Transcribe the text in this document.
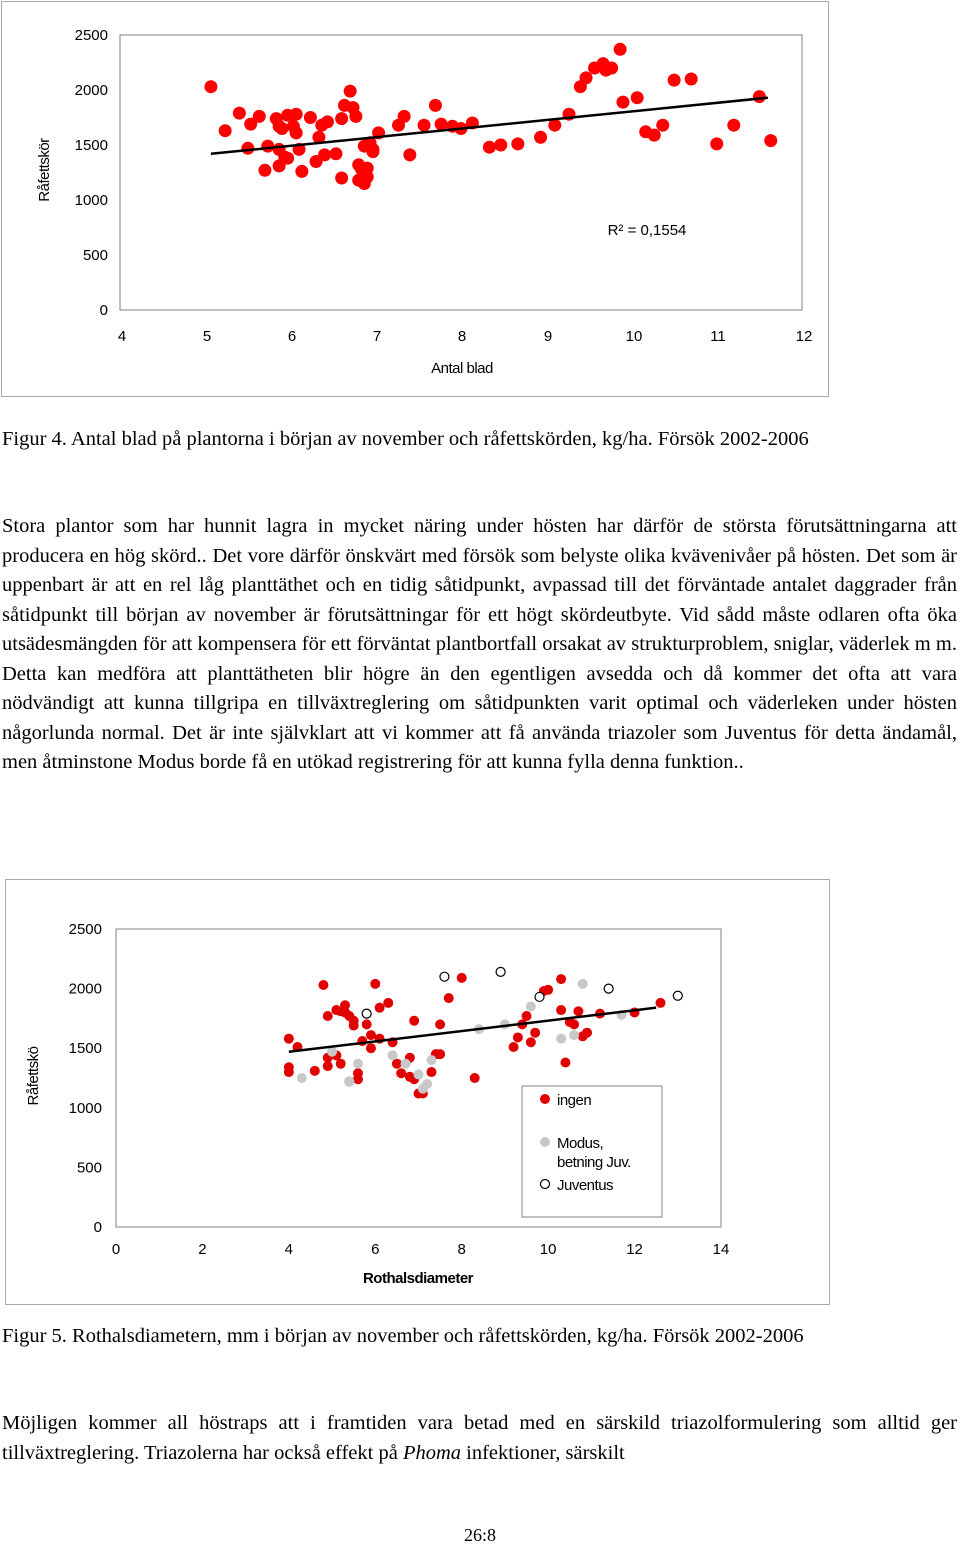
0
500
1000
1500
2000
2500
4	5	6	7	8	9	10	11	12
Antal blad
Råfettskör
R² = 0,1554

Figur 4. Antal blad på plantorna i början av november och råfettskörden, kg/ha. Försök 2002-2006

Stora plantor som har hunnit lagra in mycket näring under hösten har därför de största förutsättningarna att producera en hög skörd.. Det vore därför önskvärt med försök som belyste olika kvävenivåer på hösten. Det som är uppenbart är att en rel låg planttäthet och en tidig såtidpunkt, avpassad till det förväntade antalet daggrader från såtidpunkt till början av november är förutsättningar för ett högt skördeutbyte. Vid sådd måste odlaren ofta öka utsädesmängden för att kompensera för ett förväntat plantbortfall orsakat av strukturproblem, sniglar, väderlek m m. Detta kan medföra att planttätheten blir högre än den egentligen avsedda och då kommer det ofta att vara nödvändigt att kunna tillgripa en tillväxtreglering om såtidpunkten varit optimal och väderleken under hösten någorlunda normal. Det är inte självklart att vi kommer att få använda triazoler som Juventus för detta ändamål, men åtminstone Modus borde få en utökad registrering för att kunna fylla denna funktion..

0
500
1000
1500
2000
2500
0	2	4	6	8	10	12	14
Rothalsdiameter
Råfettskö	ingen
Modus,
betning Juv.
Juventus

Figur 5. Rothalsdiametern, mm i början av november och råfettskörden, kg/ha. Försök 2002-2006

Möjligen kommer all höstraps att i framtiden vara betad med en särskild triazolformulering som alltid ger tillväxtreglering. Triazolerna har också effekt på Phoma infektioner, särskilt

26:8
